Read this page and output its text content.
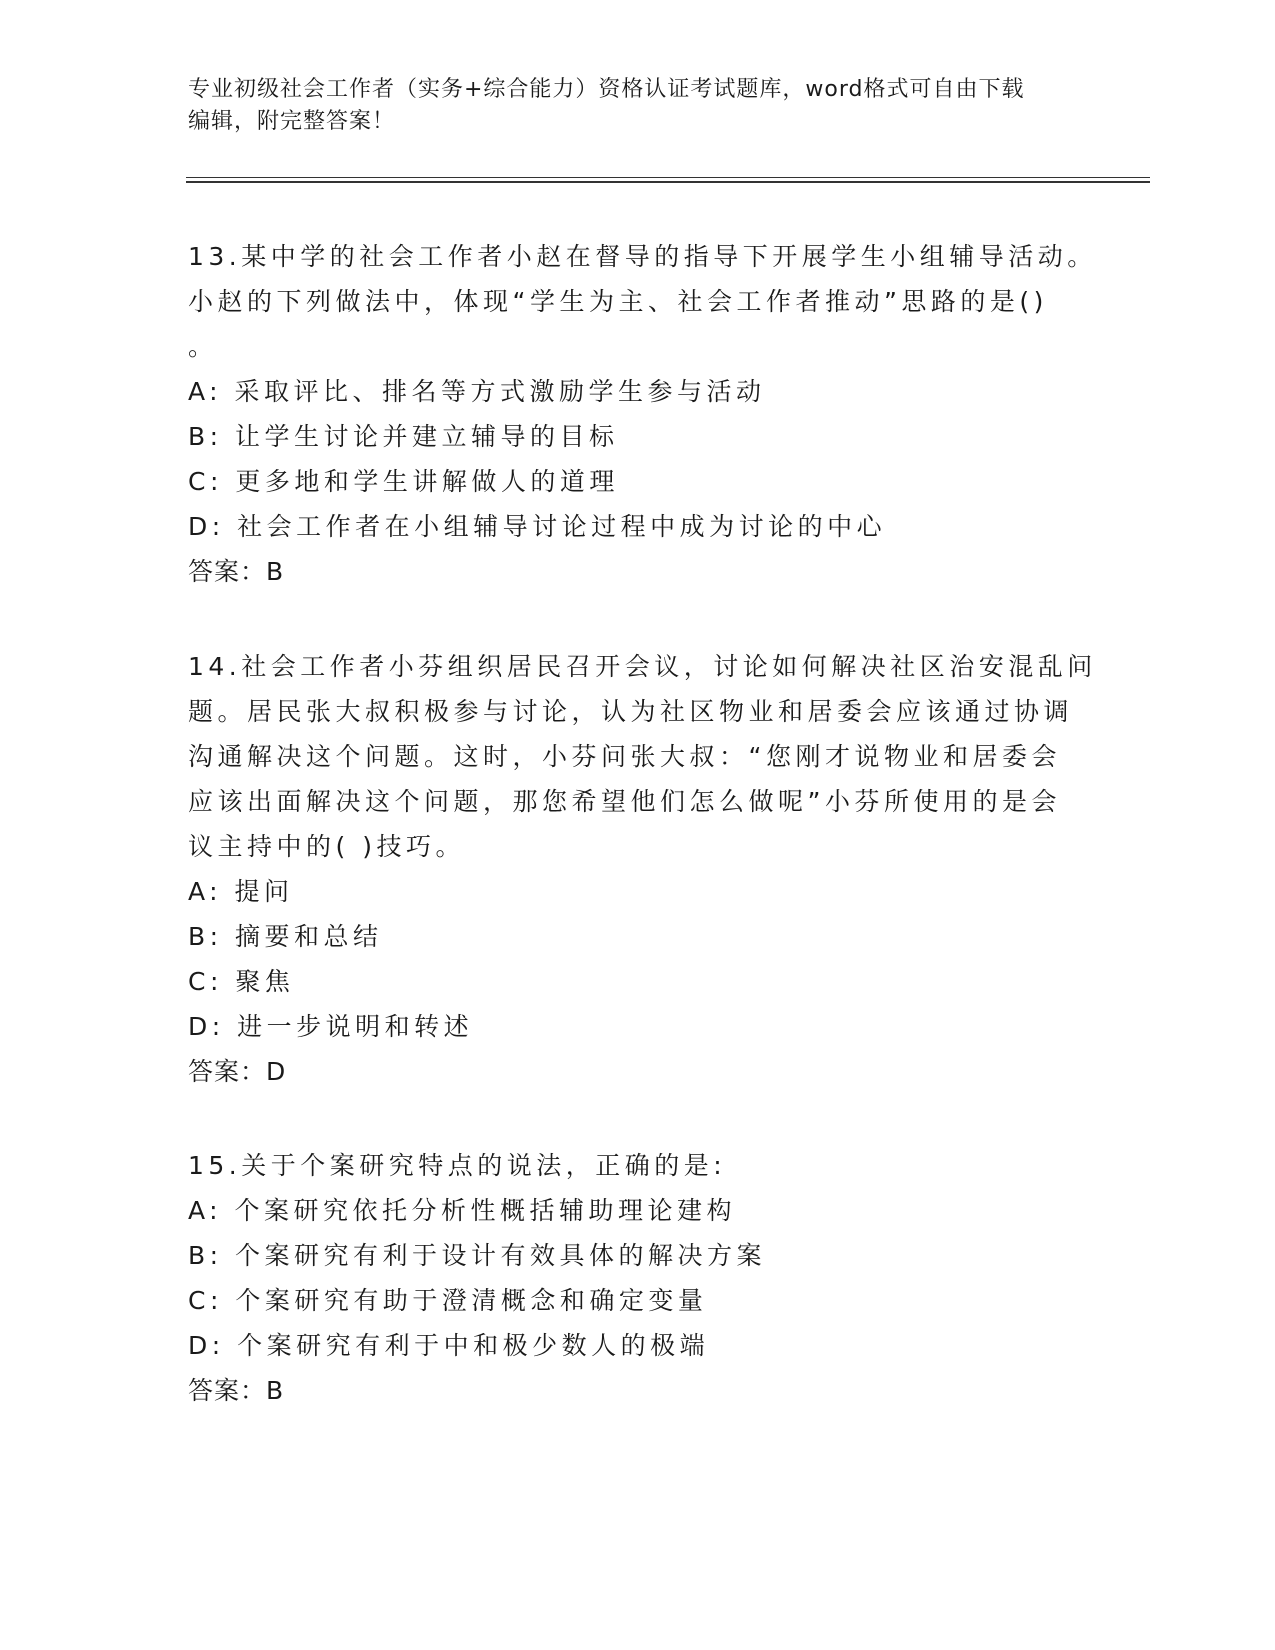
专业初级社会工作者（实务+综合能力）资格认证考试题库，word格式可自由下载
编辑，附完整答案！
13.某中学的社会工作者小赵在督导的指导下开展学生小组辅导活动。
小赵的下列做法中，体现“学生为主、社会工作者推动”思路的是()
。
A: 采取评比、排名等方式激励学生参与活动
B: 让学生讨论并建立辅导的目标
C: 更多地和学生讲解做人的道理
D: 社会工作者在小组辅导讨论过程中成为讨论的中心
答案：B
14.社会工作者小芬组织居民召开会议，讨论如何解决社区治安混乱问
题。居民张大叔积极参与讨论，认为社区物业和居委会应该通过协调
沟通解决这个问题。这时，小芬问张大叔：“您刚才说物业和居委会
应该出面解决这个问题，那您希望他们怎么做呢”小芬所使用的是会
议主持中的( )技巧。
A: 提问
B: 摘要和总结
C: 聚焦
D: 进一步说明和转述
答案：D
15.关于个案研究特点的说法，正确的是:
A: 个案研究依托分析性概括辅助理论建构
B: 个案研究有利于设计有效具体的解决方案
C: 个案研究有助于澄清概念和确定变量
D: 个案研究有利于中和极少数人的极端
答案：B
